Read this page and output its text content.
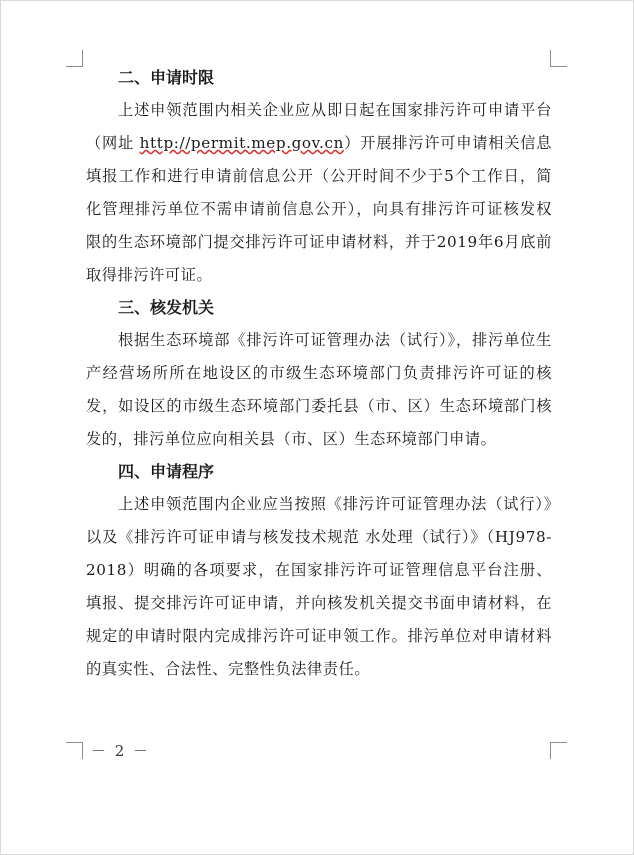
二、申请时限

上述申领范围内相关企业应从即日起在国家排污许可申请平台（网址 http://permit.mep.gov.cn）开展排污许可申请相关信息填报工作和进行申请前信息公开（公开时间不少于5个工作日，简化管理排污单位不需申请前信息公开），向具有排污许可证核发权限的生态环境部门提交排污许可证申请材料，并于2019年6月底前取得排污许可证。

三、核发机关

根据生态环境部《排污许可证管理办法（试行）》，排污单位生产经营场所所在地设区的市级生态环境部门负责排污许可证的核发，如设区的市级生态环境部门委托县（市、区）生态环境部门核发的，排污单位应向相关县（市、区）生态环境部门申请。

四、申请程序

上述申领范围内企业应当按照《排污许可证管理办法（试行）》以及《排污许可证申请与核发技术规范 水处理（试行）》（HJ978-2018）明确的各项要求，在国家排污许可证管理信息平台注册、填报、提交排污许可证申请，并向核发机关提交书面申请材料，在规定的申请时限内完成排污许可证申领工作。排污单位对申请材料的真实性、合法性、完整性负法律责任。

－ 2 －
